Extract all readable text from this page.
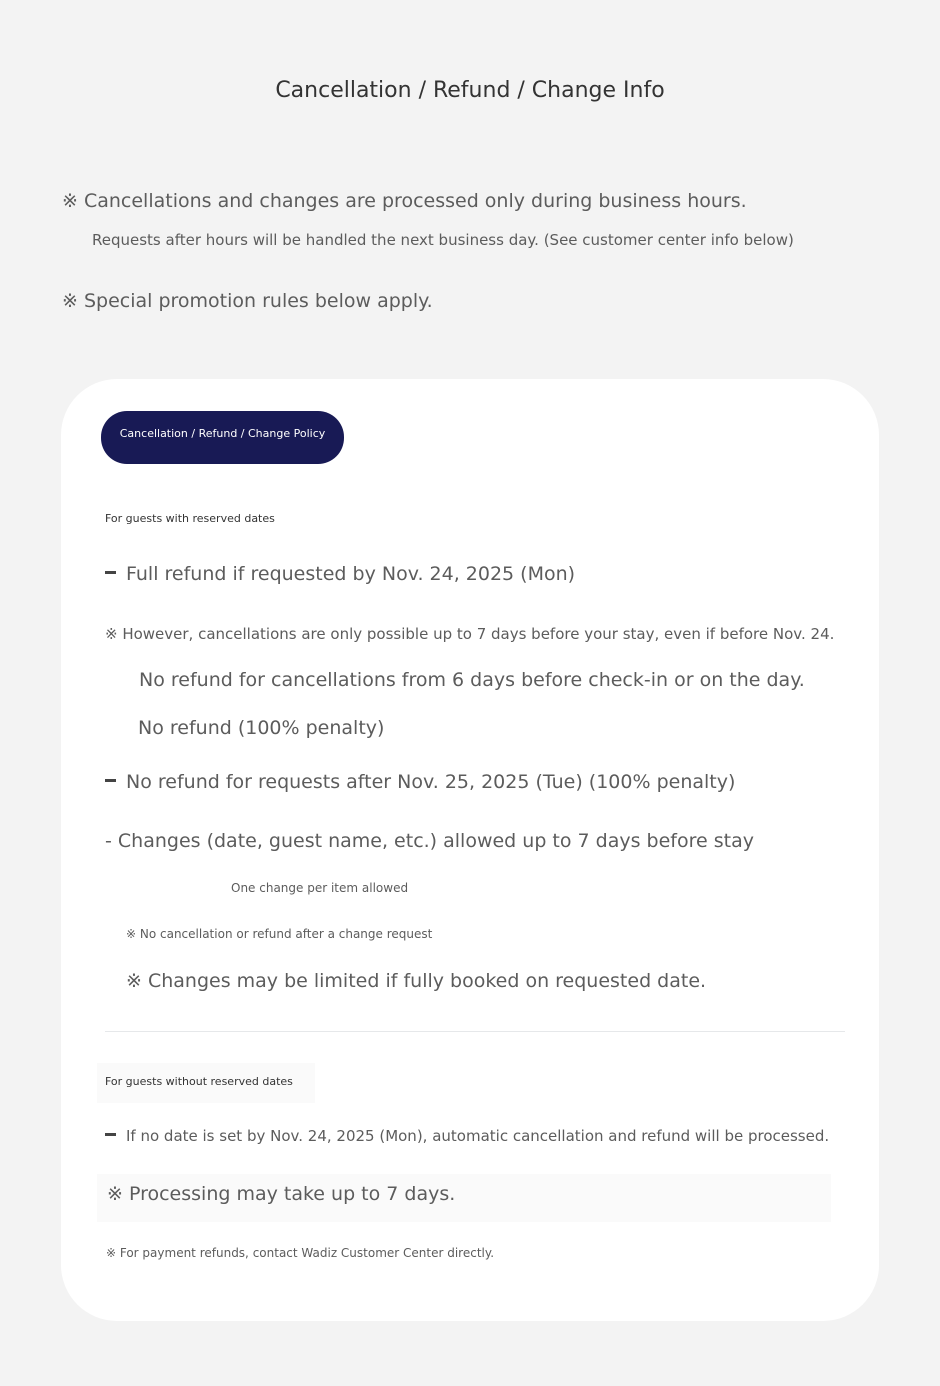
Cancellation / Refund / Change Info
※ Cancellations and changes are processed only during business hours.
Requests after hours will be handled the next business day. (See customer center info below)
※ Special promotion rules below apply.
Cancellation / Refund / Change Policy
For guests with reserved dates
Full refund if requested by Nov. 24, 2025 (Mon)
※ However, cancellations are only possible up to 7 days before your stay, even if before Nov. 24.
No refund for cancellations from 6 days before check-in or on the day.
No refund (100% penalty)
No refund for requests after Nov. 25, 2025 (Tue) (100% penalty)
- Changes (date, guest name, etc.) allowed up to 7 days before stay
One change per item allowed
※ No cancellation or refund after a change request
※ Changes may be limited if fully booked on requested date.
For guests without reserved dates
If no date is set by Nov. 24, 2025 (Mon), automatic cancellation and refund will be processed.
※ Processing may take up to 7 days.
※ For payment refunds, contact Wadiz Customer Center directly.
